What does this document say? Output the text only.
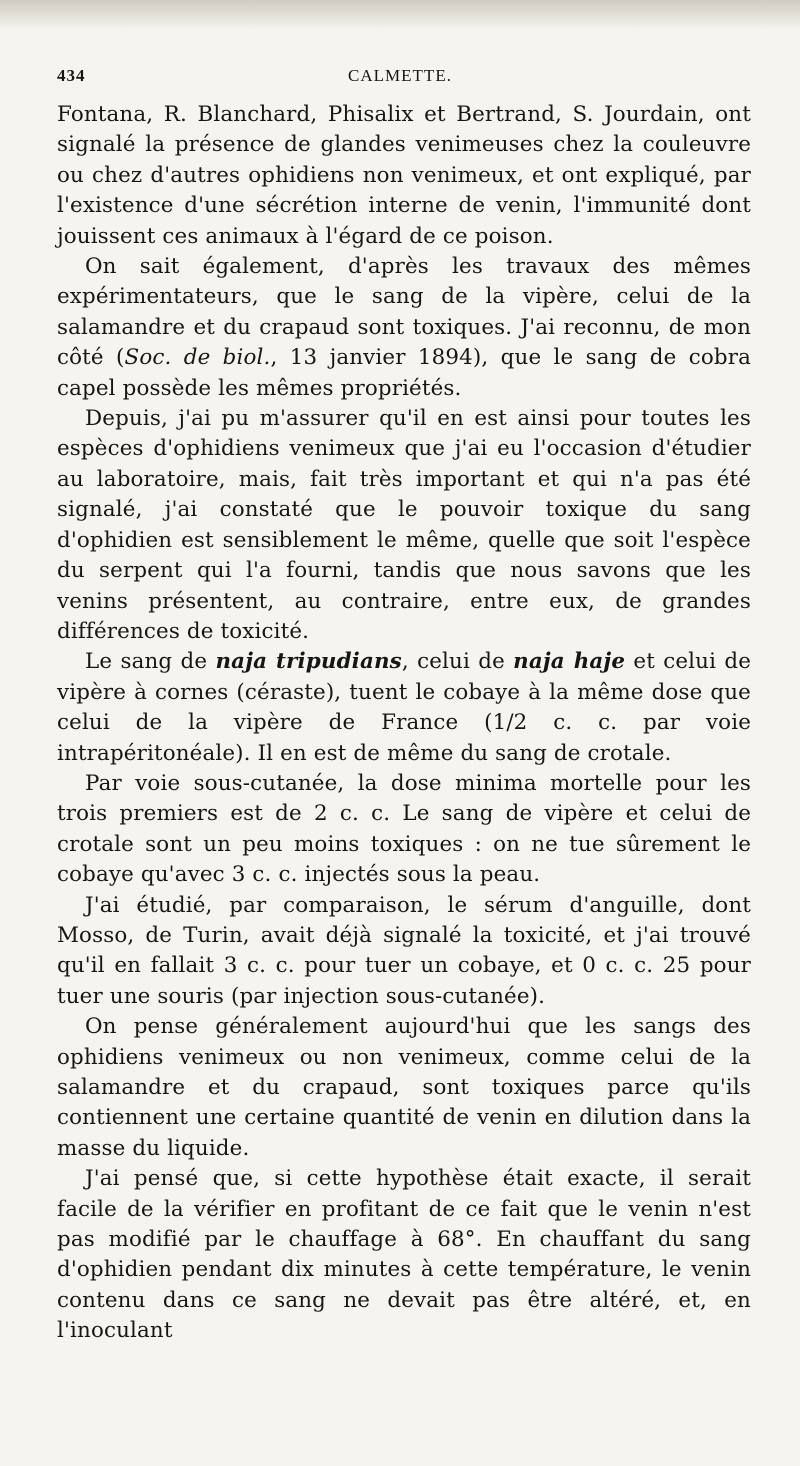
CALMETTE.
434

Fontana, R. Blanchard, Phisalix et Bertrand, S. Jourdain, ont signalé la présence de glandes venimeuses chez la couleuvre ou chez d'autres ophidiens non venimeux, et ont expliqué, par l'existence d'une sécrétion interne de venin, l'immunité dont jouissent ces animaux à l'égard de ce poison.

On sait également, d'après les travaux des mêmes expérimentateurs, que le sang de la vipère, celui de la salamandre et du crapaud sont toxiques. J'ai reconnu, de mon côté (Soc. de biol., 13 janvier 1894), que le sang de cobra capel possède les mêmes propriétés.

Depuis, j'ai pu m'assurer qu'il en est ainsi pour toutes les espèces d'ophidiens venimeux que j'ai eu l'occasion d'étudier au laboratoire, mais, fait très important et qui n'a pas été signalé, j'ai constaté que le pouvoir toxique du sang d'ophidien est sensiblement le même, quelle que soit l'espèce du serpent qui l'a fourni, tandis que nous savons que les venins présentent, au contraire, entre eux, de grandes différences de toxicité.

Le sang de naja tripudians, celui de naja haje et celui de vipère à cornes (céraste), tuent le cobaye à la même dose que celui de la vipère de France (1/2 c. c. par voie intrapéritonéale). Il en est de même du sang de crotale.

Par voie sous-cutanée, la dose minima mortelle pour les trois premiers est de 2 c. c. Le sang de vipère et celui de crotale sont un peu moins toxiques : on ne tue sûrement le cobaye qu'avec 3 c. c. injectés sous la peau.

J'ai étudié, par comparaison, le sérum d'anguille, dont Mosso, de Turin, avait déjà signalé la toxicité, et j'ai trouvé qu'il en fallait 3 c. c. pour tuer un cobaye, et 0 c. c. 25 pour tuer une souris (par injection sous-cutanée).

On pense généralement aujourd'hui que les sangs des ophidiens venimeux ou non venimeux, comme celui de la salamandre et du crapaud, sont toxiques parce qu'ils contiennent une certaine quantité de venin en dilution dans la masse du liquide.

J'ai pensé que, si cette hypothèse était exacte, il serait facile de la vérifier en profitant de ce fait que le venin n'est pas modifié par le chauffage à 68°. En chauffant du sang d'ophidien pendant dix minutes à cette température, le venin contenu dans ce sang ne devait pas être altéré, et, en l'inoculant
